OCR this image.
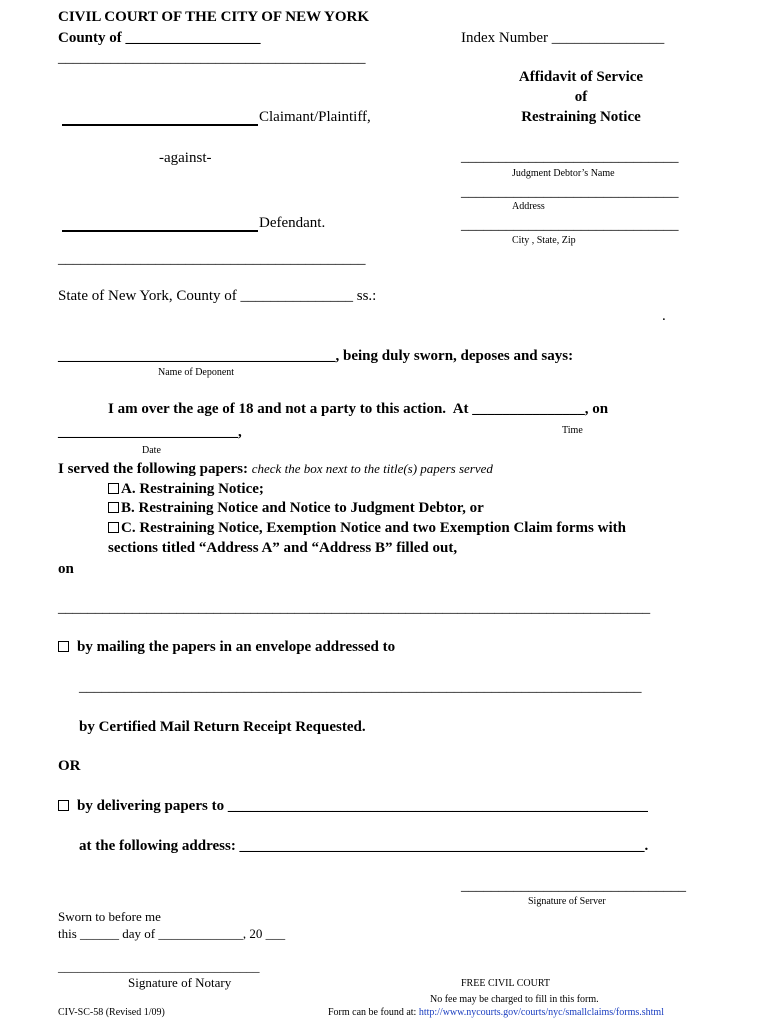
CIVIL COURT OF THE CITY OF NEW YORK
County of __________________	Index Number _______________
_________________________________________
Affidavit of Service
of
Restraining Notice
Claimant/Plaintiff,
-against-
Defendant.
_________________________________________
_____________________________
Judgment Debtor’s Name
_____________________________
Address
_____________________________
City , State, Zip
State of New York, County of _______________ ss.:
.
_____________________________________, being duly sworn, deposes and says:
Name of Deponent
I am over the age of 18 and not a party to this action.  At _______________, on
Time
________________________,
Date
I served the following papers: check the box next to the title(s) papers served
A. Restraining Notice;
B. Restraining Notice and Notice to Judgment Debtor, or
C. Restraining Notice, Exemption Notice and two Exemption Claim forms with
sections titled “Address A” and “Address B” filled out,
on
________________________________________________________________________________
by mailing the papers in an envelope addressed to
___________________________________________________________________________
by Certified Mail Return Receipt Requested.
OR
by delivering papers to ________________________________________________________
at the following address: ______________________________________________________.
______________________________
Signature of Server
Sworn to before me
this ______ day of _____________, 20 ___
_______________________________
Signature of Notary
CIV-SC-58 (Revised 1/09)
FREE CIVIL COURT
No fee may be charged to fill in this form.
Form can be found at: http://www.nycourts.gov/courts/nyc/smallclaims/forms.shtml
